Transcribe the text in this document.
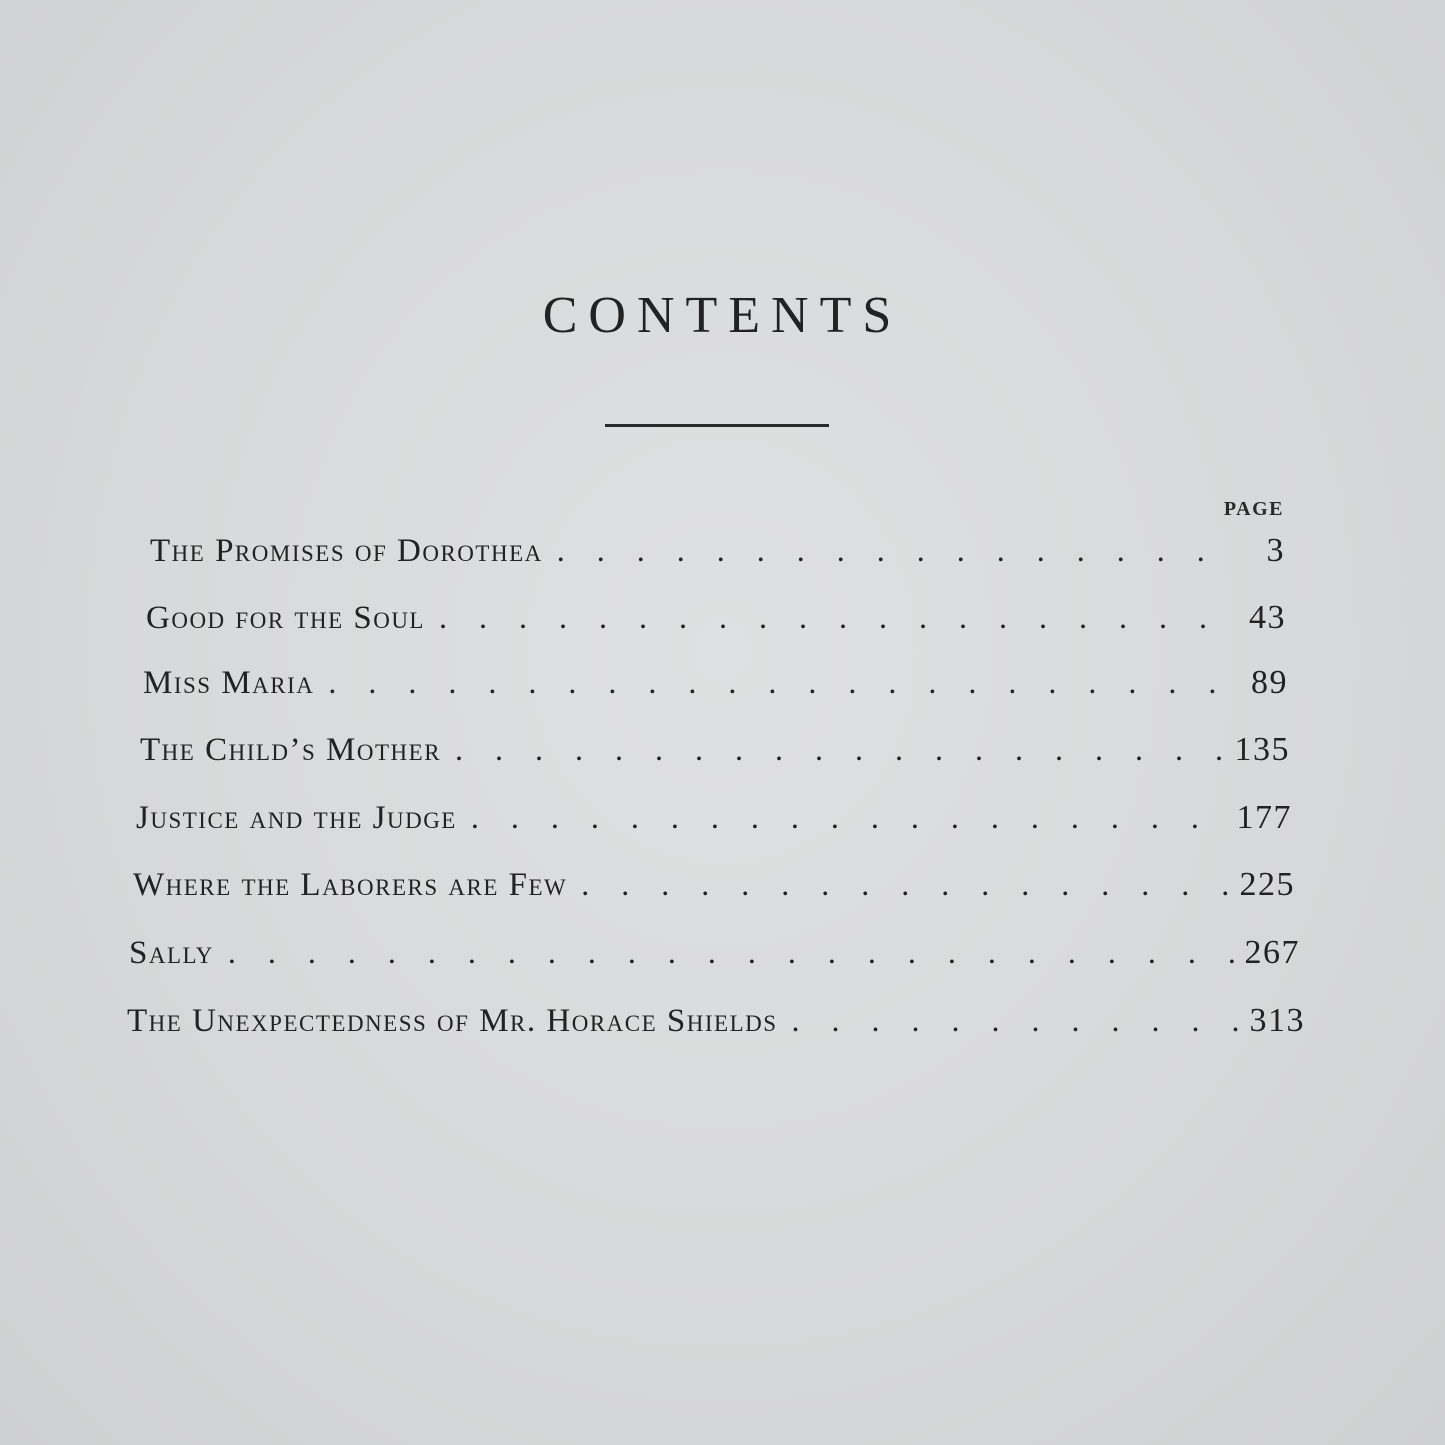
CONTENTS
PAGE
The Promises of Dorothea . .	3
Good for the Soul . .	43
Miss Maria . .	89
The Child’s Mother . .	135
Justice and the Judge . .	177
Where the Laborers are Few . .	225
Sally . .	267
The Unexpectedness of Mr. Horace Shields . .	313
